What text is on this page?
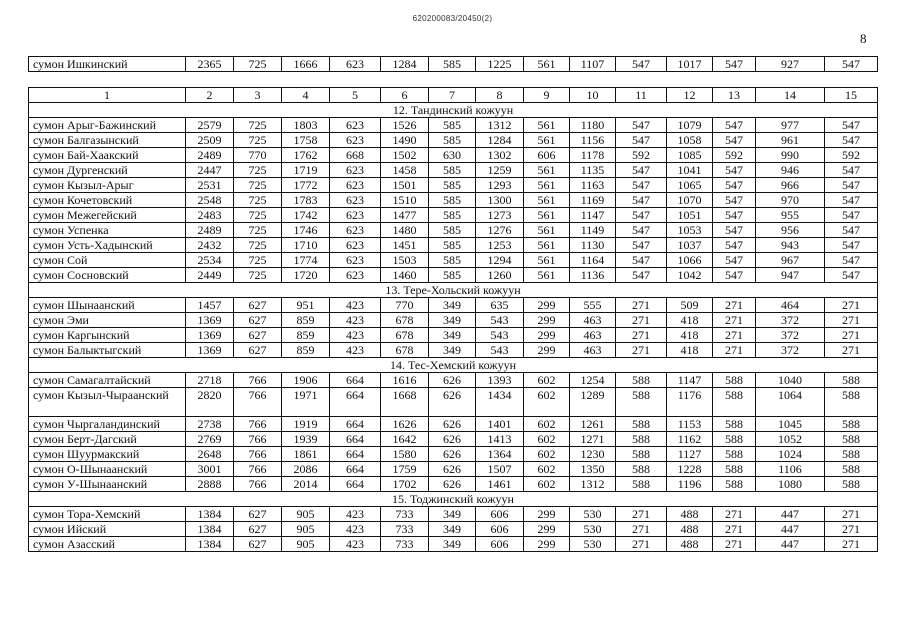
620200083/20450(2)
8
сумон Ишкинский	2365	725	1666	623	1284	585	1225	561	1107	547	1017	547	927	547
1	2	3	4	5	6	7	8	9	10	11	12	13	14	15
12. Тандинский кожуун														
сумон Арыг-Бажинский	2579	725	1803	623	1526	585	1312	561	1180	547	1079	547	977	547
сумон Балгазынский	2509	725	1758	623	1490	585	1284	561	1156	547	1058	547	961	547
сумон Бай-Хаакский	2489	770	1762	668	1502	630	1302	606	1178	592	1085	592	990	592
сумон Дургенский	2447	725	1719	623	1458	585	1259	561	1135	547	1041	547	946	547
сумон Кызыл-Арыг	2531	725	1772	623	1501	585	1293	561	1163	547	1065	547	966	547
сумон Кочетовский	2548	725	1783	623	1510	585	1300	561	1169	547	1070	547	970	547
сумон Межегейский	2483	725	1742	623	1477	585	1273	561	1147	547	1051	547	955	547
сумон Успенка	2489	725	1746	623	1480	585	1276	561	1149	547	1053	547	956	547
сумон Усть-Хадынский	2432	725	1710	623	1451	585	1253	561	1130	547	1037	547	943	547
сумон Сой	2534	725	1774	623	1503	585	1294	561	1164	547	1066	547	967	547
сумон Сосновский	2449	725	1720	623	1460	585	1260	561	1136	547	1042	547	947	547
13. Тере-Хольский кожуун														
сумон Шынаанский	1457	627	951	423	770	349	635	299	555	271	509	271	464	271
сумон Эми	1369	627	859	423	678	349	543	299	463	271	418	271	372	271
сумон Каргынский	1369	627	859	423	678	349	543	299	463	271	418	271	372	271
сумон Балыктыгский	1369	627	859	423	678	349	543	299	463	271	418	271	372	271
14. Тес-Хемский кожуун														
сумон Самагалтайский	2718	766	1906	664	1616	626	1393	602	1254	588	1147	588	1040	588
сумон Кызыл-Чыраанский	2820	766	1971	664	1668	626	1434	602	1289	588	1176	588	1064	588
сумон Чыргаландинский	2738	766	1919	664	1626	626	1401	602	1261	588	1153	588	1045	588
сумон Берт-Дагский	2769	766	1939	664	1642	626	1413	602	1271	588	1162	588	1052	588
сумон Шуурмакский	2648	766	1861	664	1580	626	1364	602	1230	588	1127	588	1024	588
сумон О-Шынаанский	3001	766	2086	664	1759	626	1507	602	1350	588	1228	588	1106	588
сумон У-Шынаанский	2888	766	2014	664	1702	626	1461	602	1312	588	1196	588	1080	588
15. Тоджинский кожуун														
сумон Тора-Хемский	1384	627	905	423	733	349	606	299	530	271	488	271	447	271
сумон Ийский	1384	627	905	423	733	349	606	299	530	271	488	271	447	271
сумон Азасский	1384	627	905	423	733	349	606	299	530	271	488	271	447	271
